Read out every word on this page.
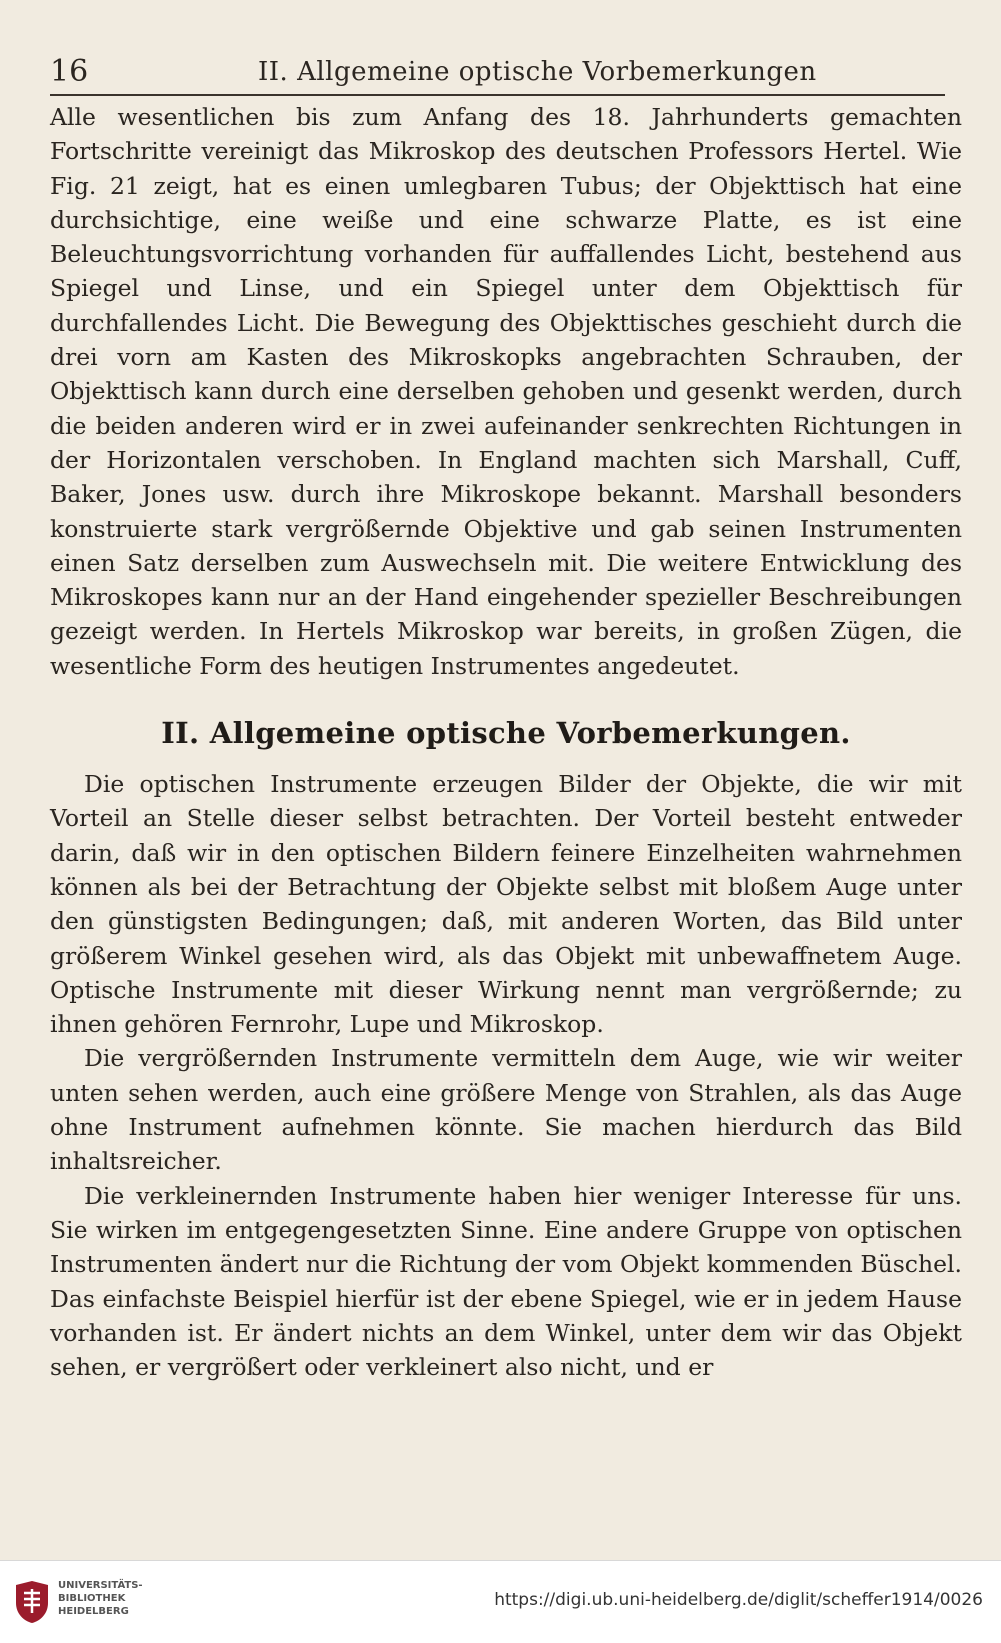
16	II. Allgemeine optische Vorbemerkungen

Alle wesentlichen bis zum Anfang des 18. Jahrhunderts gemachten Fortschritte vereinigt das Mikroskop des deutschen Professors Hertel. Wie Fig. 21 zeigt, hat es einen umlegbaren Tubus; der Objekttisch hat eine durchsichtige, eine weiße und eine schwarze Platte, es ist eine Beleuchtungsvorrichtung vorhanden für auffallendes Licht, bestehend aus Spiegel und Linse, und ein Spiegel unter dem Objekttisch für durchfallendes Licht. Die Bewegung des Objekttisches geschieht durch die drei vorn am Kasten des Mikroskopks angebrachten Schrauben, der Objekttisch kann durch eine derselben gehoben und gesenkt werden, durch die beiden anderen wird er in zwei aufeinander senkrechten Richtungen in der Horizontalen verschoben. In England machten sich Marshall, Cuff, Baker, Jones usw. durch ihre Mikroskope bekannt. Marshall besonders konstruierte stark vergrößernde Objektive und gab seinen Instrumenten einen Satz derselben zum Auswechseln mit. Die weitere Entwicklung des Mikroskopes kann nur an der Hand eingehender spezieller Beschreibungen gezeigt werden. In Hertels Mikroskop war bereits, in großen Zügen, die wesentliche Form des heutigen Instrumentes angedeutet.

II. Allgemeine optische Vorbemerkungen.

Die optischen Instrumente erzeugen Bilder der Objekte, die wir mit Vorteil an Stelle dieser selbst betrachten. Der Vorteil besteht entweder darin, daß wir in den optischen Bildern feinere Einzelheiten wahrnehmen können als bei der Betrachtung der Objekte selbst mit bloßem Auge unter den günstigsten Bedingungen; daß, mit anderen Worten, das Bild unter größerem Winkel gesehen wird, als das Objekt mit unbewaffnetem Auge. Optische Instrumente mit dieser Wirkung nennt man vergrößernde; zu ihnen gehören Fernrohr, Lupe und Mikroskop.

Die vergrößernden Instrumente vermitteln dem Auge, wie wir weiter unten sehen werden, auch eine größere Menge von Strahlen, als das Auge ohne Instrument aufnehmen könnte. Sie machen hierdurch das Bild inhaltsreicher.

Die verkleinernden Instrumente haben hier weniger Interesse für uns. Sie wirken im entgegengesetzten Sinne. Eine andere Gruppe von optischen Instrumenten ändert nur die Richtung der vom Objekt kommenden Büschel. Das einfachste Beispiel hierfür ist der ebene Spiegel, wie er in jedem Hause vorhanden ist. Er ändert nichts an dem Winkel, unter dem wir das Objekt sehen, er vergrößert oder verkleinert also nicht, und er

UNIVERSITÄTS-
BIBLIOTHEK
HEIDELBERG
https://digi.ub.uni-heidelberg.de/diglit/scheffer1914/0026
